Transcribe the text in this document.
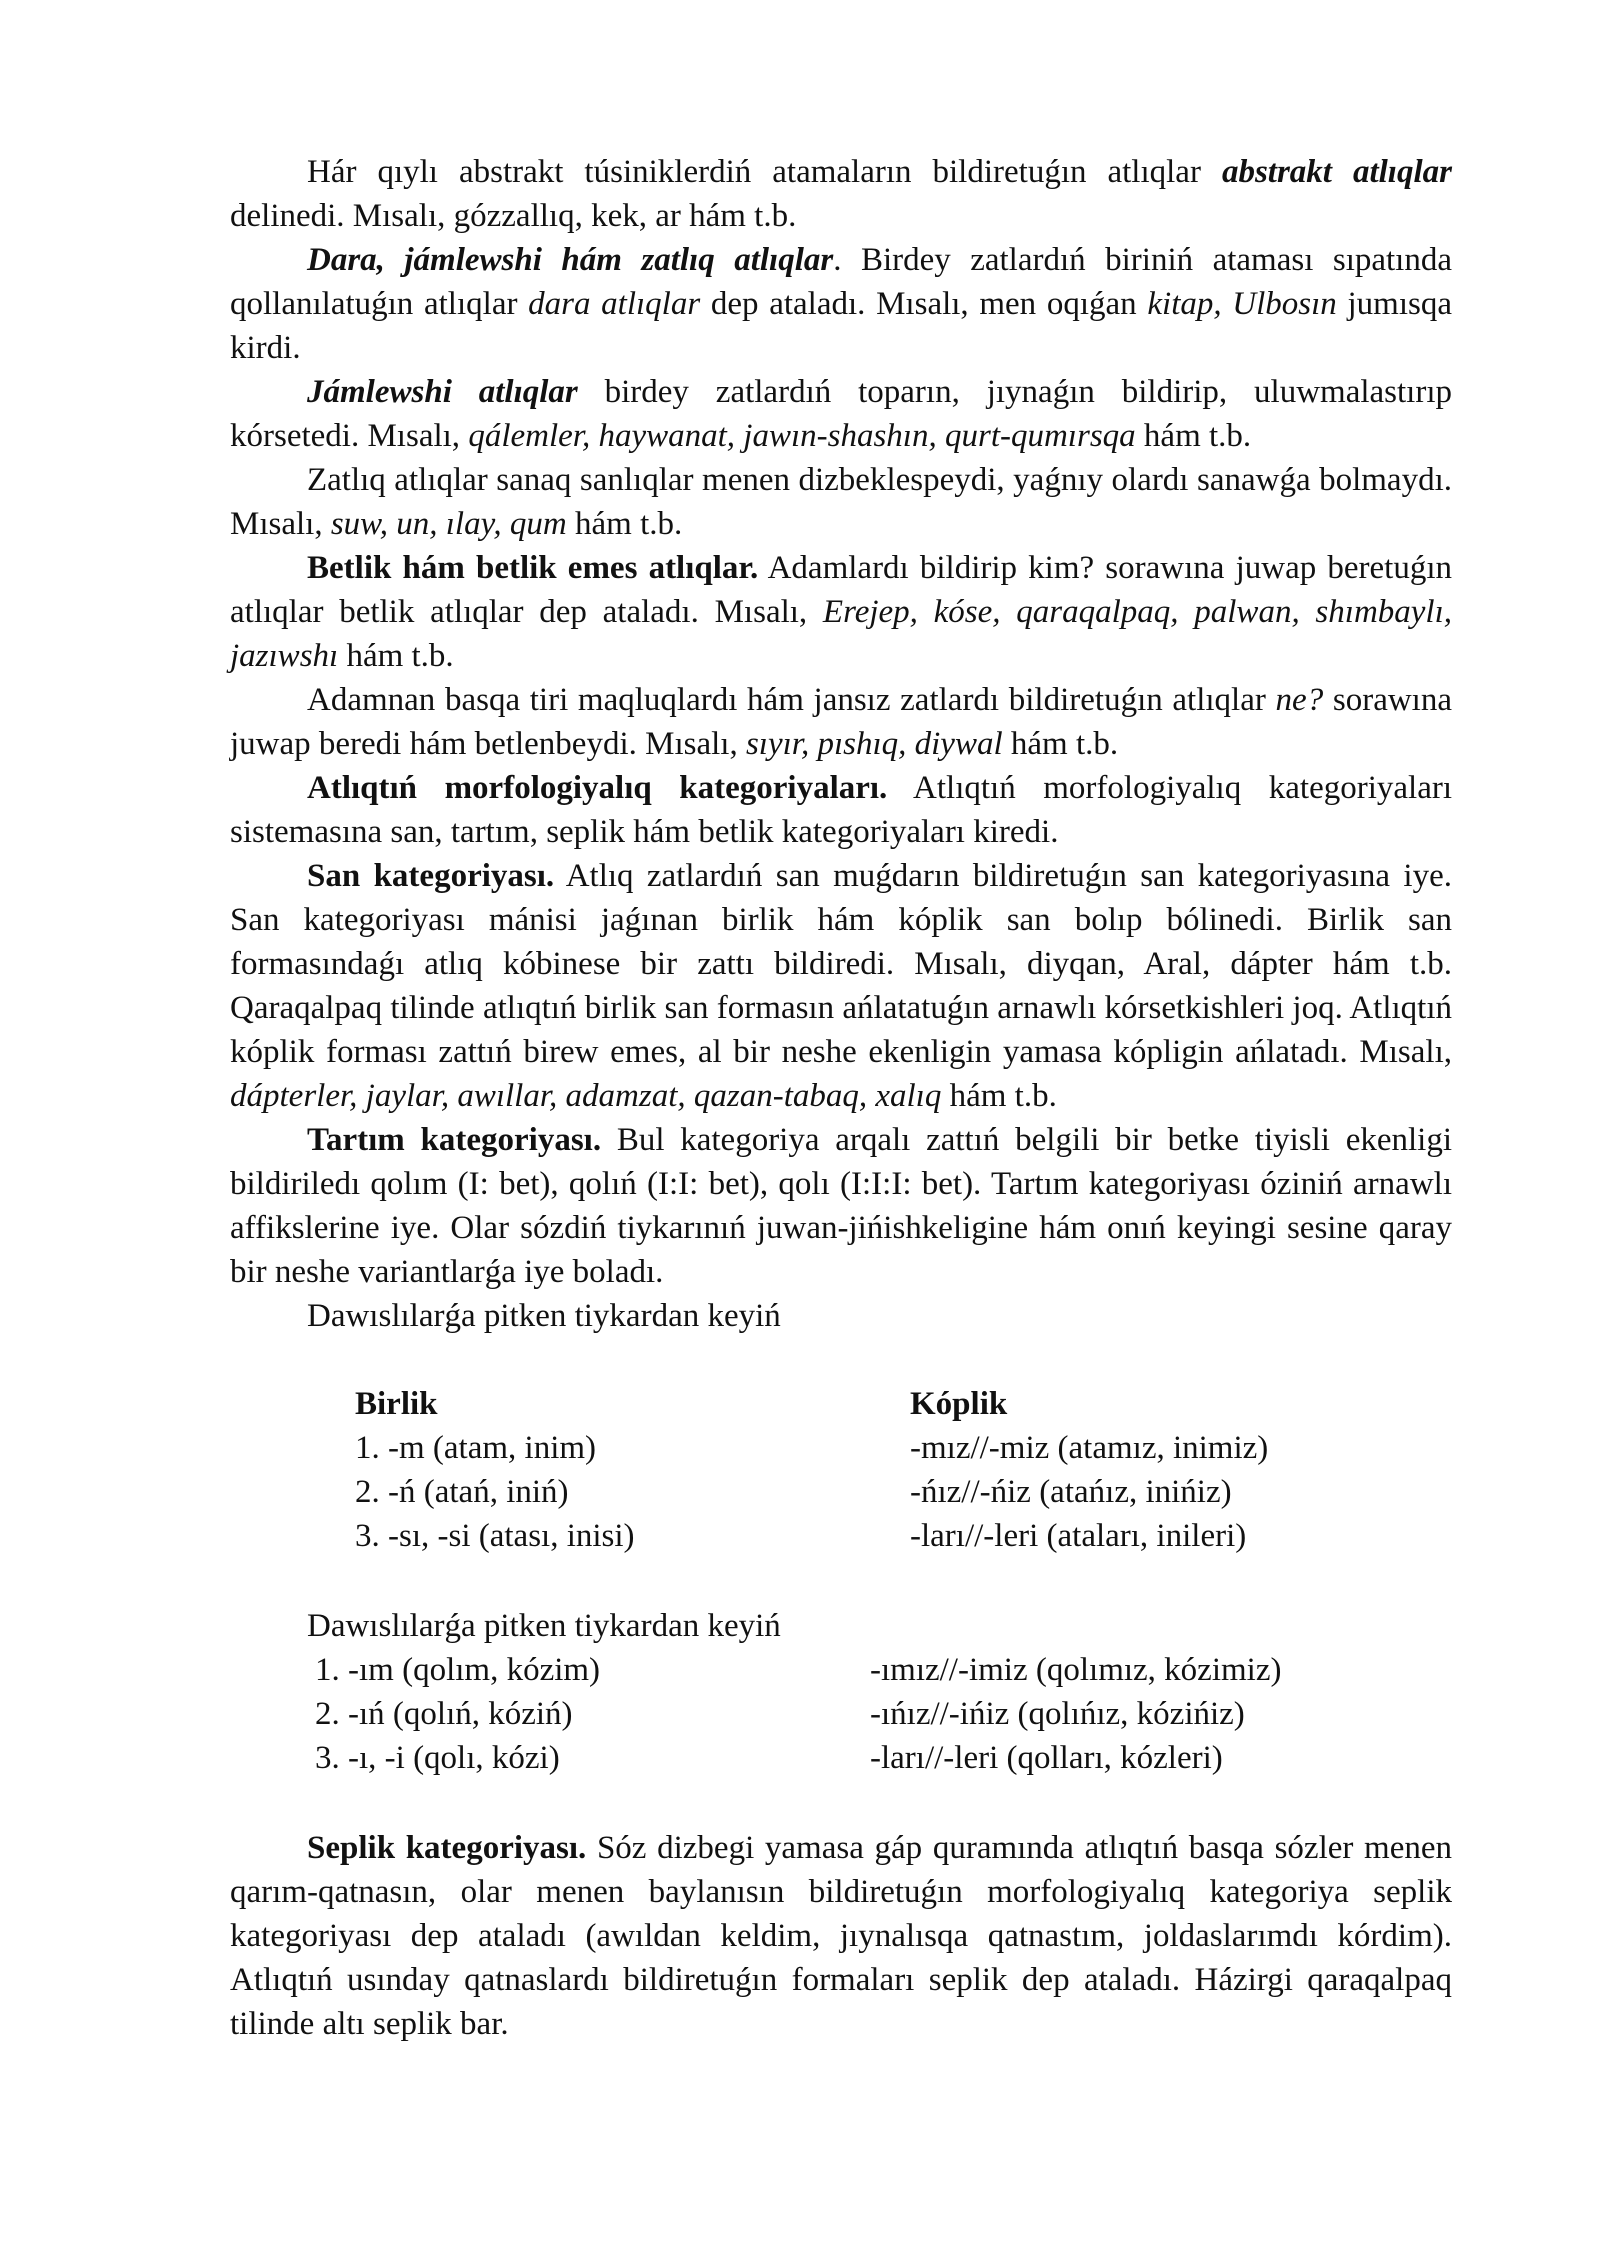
Hár qıylı abstrakt túsiniklerdiń atamaların bildiretuǵın atlıqlar abstrakt atlıqlar delinedi. Mısalı, gózzallıq, kek, ar hám t.b.

Dara, jámlewshi hám zatlıq atlıqlar. Birdey zatlardıń biriniń ataması sıpatında qollanılatuǵın atlıqlar dara atlıqlar dep ataladı. Mısalı, men oqıǵan kitap, Ulbosın jumısqa kirdi.

Jámlewshi atlıqlar birdey zatlardıń toparın, jıynaǵın bildirip, uluwmalastırıp kórsetedi. Mısalı, qálemler, haywanat, jawın-shashın, qurt-qumırsqa hám t.b.

Zatlıq atlıqlar sanaq sanlıqlar menen dizbeklespeydi, yaǵnıy olardı sanawǵa bolmaydı. Mısalı, suw, un, ılay, qum hám t.b.

Betlik hám betlik emes atlıqlar. Adamlardı bildirip kim? sorawına juwap beretuǵın atlıqlar betlik atlıqlar dep ataladı. Mısalı, Erejep, kóse, qaraqalpaq, palwan, shımbaylı, jazıwshı hám t.b.

Adamnan basqa tiri maqluqlardı hám jansız zatlardı bildiretuǵın atlıqlar ne? sorawına juwap beredi hám betlenbeydi. Mısalı, sıyır, pıshıq, diywal hám t.b.

Atlıqtıń morfologiyalıq kategoriyaları. Atlıqtıń morfologiyalıq kategoriyaları sistemasına san, tartım, seplik hám betlik kategoriyaları kiredi.

San kategoriyası. Atlıq zatlardıń san muǵdarın bildiretuǵın san kategoriyasına iye. San kategoriyası mánisi jaǵınan birlik hám kóplik san bolıp bólinedi. Birlik san formasındaǵı atlıq kóbinese bir zattı bildiredi. Mısalı, diyqan, Aral, dápter hám t.b. Qaraqalpaq tilinde atlıqtıń birlik san formasın ańlatatuǵın arnawlı kórsetkishleri joq. Atlıqtıń kóplik forması zattıń birew emes, al bir neshe ekenligin yamasa kópligin ańlatadı. Mısalı, dápterler, jaylar, awıllar, adamzat, qazan-tabaq, xalıq hám t.b.

Tartım kategoriyası. Bul kategoriya arqalı zattıń belgili bir betke tiyisli ekenligi bildiriledı qolım (I: bet), qolıń (I:I: bet), qolı (I:I:I: bet). Tartım kategoriyası óziniń arnawlı affikslerine iye. Olar sózdiń tiykarınıń juwan-jińishkeligine hám onıń keyingi sesine qaray bir neshe variantlarǵa iye boladı.

Dawıslılarǵa pitken tiykardan keyiń

Birlik	Kóplik
1. -m (atam, inim)	-mız//-miz (atamız, inimiz)
2. -ń (atań, iniń)	-ńız//-ńiz (atańız, inińiz)
3. -sı, -si (atası, inisi)	-ları//-leri (ataları, inileri)

Dawıslılarǵa pitken tiykardan keyiń

1. -ım (qolım, kózim)	-ımız//-imiz (qolımız, kózimiz)
2. -ıń (qolıń, kóziń)	-ıńız//-ińiz (qolıńız, kózińiz)
3. -ı, -i (qolı, kózi)	-ları//-leri (qolları, kózleri)

Seplik kategoriyası. Sóz dizbegi yamasa gáp quramında atlıqtıń basqa sózler menen qarım-qatnasın, olar menen baylanısın bildiretuǵın morfologiyalıq kategoriya seplik kategoriyası dep ataladı (awıldan keldim, jıynalısqa qatnastım, joldaslarımdı kórdim). Atlıqtıń usınday qatnaslardı bildiretuǵın formaları seplik dep ataladı. Házirgi qaraqalpaq tilinde altı seplik bar.
